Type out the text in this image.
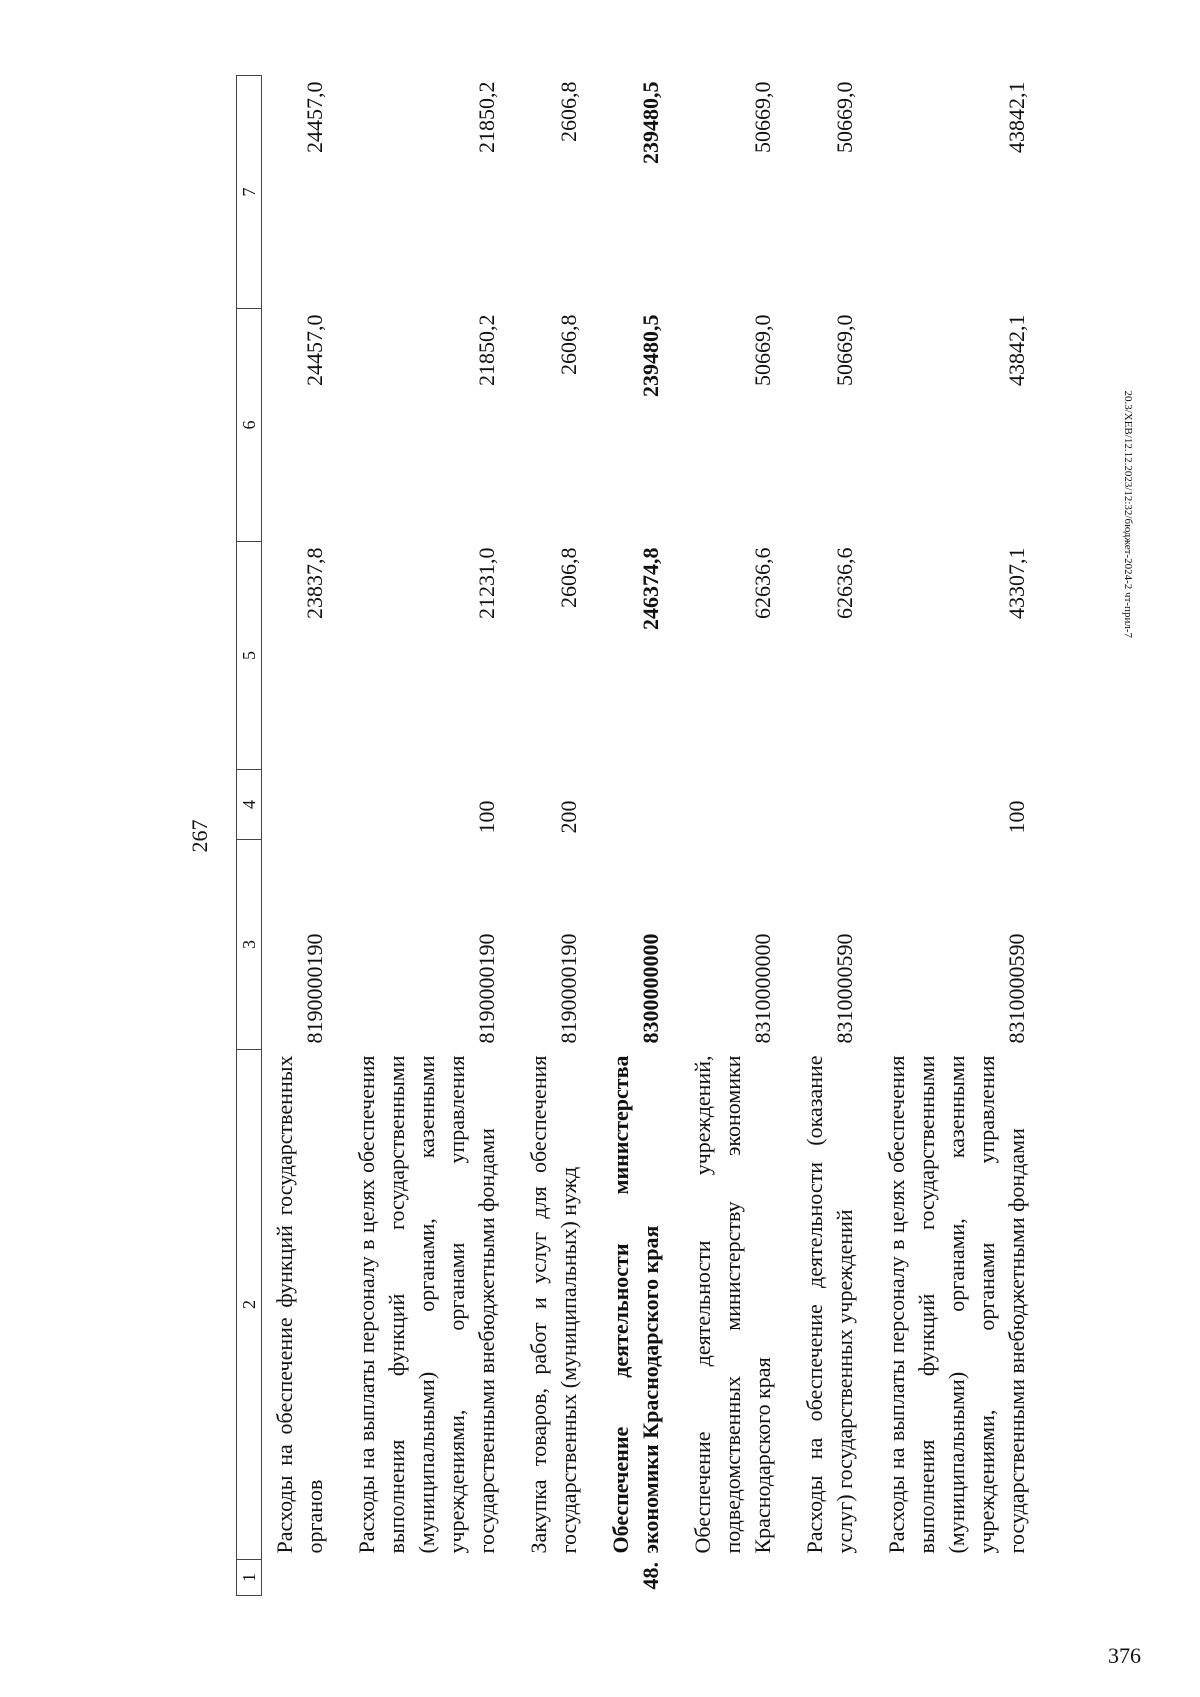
267
1	2	3	4	5	6	7
	Расходы на обеспечение функций государственных органов	8190000190		23837,8	24457,0	24457,0
	Расходы на выплаты персоналу в целях обеспечения выполнения функций государственными (муниципальными) органами, казенными учреждениями, органами управления государственными внебюджетными фондами	8190000190	100	21231,0	21850,2	21850,2
	Закупка товаров, работ и услуг для обеспечения государственных (муниципальных) нужд	8190000190	200	2606,8	2606,8	2606,8
48.	Обеспечение деятельности министерства экономики Краснодарского края	8300000000		246374,8	239480,5	239480,5
	Обеспечение деятельности учреждений, подведомственных министерству экономики Краснодарского края	8310000000		62636,6	50669,0	50669,0
	Расходы на обеспечение деятельности (оказание услуг) государственных учреждений	8310000590		62636,6	50669,0	50669,0
	Расходы на выплаты персоналу в целях обеспечения выполнения функций государственными (муниципальными) органами, казенными учреждениями, органами управления государственными внебюджетными фондами	8310000590	100	43307,1	43842,1	43842,1
20.3/XEB/12.12.2023/12:32/бюджет-2024-2 чт-прил-7
376
